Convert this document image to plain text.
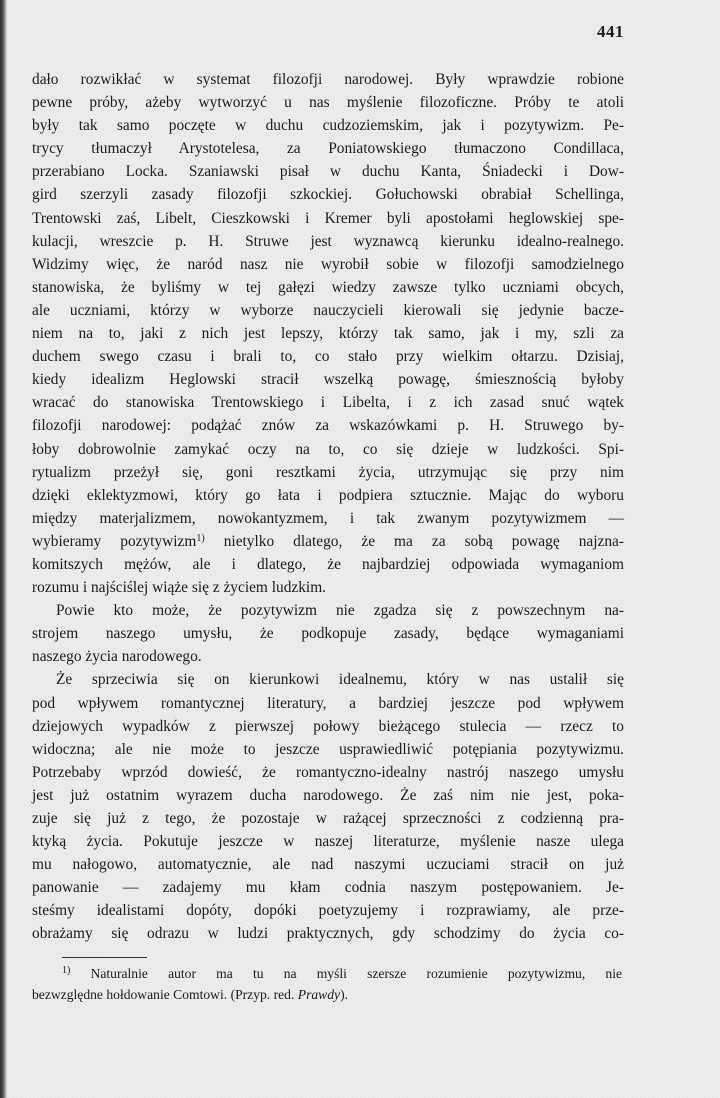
441
dało rozwikłać w systemat filozofji narodowej. Były wprawdzie robione
pewne próby, ażeby wytworzyć u nas myślenie filozoficzne. Próby te atoli
były tak samo poczęte w duchu cudzoziemskim, jak i pozytywizm. Pe-
trycy tłumaczył Arystotelesa, za Poniatowskiego tłumaczono Condillaca,
przerabiano Locka. Szaniawski pisał w duchu Kanta, Śniadecki i Dow-
gird szerzyli zasady filozofji szkockiej. Gołuchowski obrabiał Schellinga,
Trentowski zaś, Libelt, Cieszkowski i Kremer byli apostołami heglowskiej spe-
kulacji, wreszcie p. H. Struwe jest wyznawcą kierunku idealno-realnego.
Widzimy więc, że naród nasz nie wyrobił sobie w filozofji samodzielnego
stanowiska, że byliśmy w tej gałęzi wiedzy zawsze tylko uczniami obcych,
ale uczniami, którzy w wyborze nauczycieli kierowali się jedynie bacze-
niem na to, jaki z nich jest lepszy, którzy tak samo, jak i my, szli za
duchem swego czasu i brali to, co stało przy wielkim ołtarzu. Dzisiaj,
kiedy idealizm Heglowski stracił wszelką powagę, śmiesznością byłoby
wracać do stanowiska Trentowskiego i Libelta, i z ich zasad snuć wątek
filozofji narodowej: podążać znów za wskazówkami p. H. Struwego by-
łoby dobrowolnie zamykać oczy na to, co się dzieje w ludzkości. Spi-
rytualizm przeżył się, goni resztkami życia, utrzymując się przy nim
dzięki eklektyzmowi, który go łata i podpiera sztucznie. Mając do wyboru
między materjalizmem, nowokantyzmem, i tak zwanym pozytywizmem —
wybieramy pozytywizm$^{1)}$ nietylko dlatego, że ma za sobą powagę najzna-
komitszych mężów, ale i dlatego, że najbardziej odpowiada wymaganiom
rozumu i najściślej wiąże się z życiem ludzkim.
Powie kto może, że pozytywizm nie zgadza się z powszechnym na-
strojem naszego umysłu, że podkopuje zasady, będące wymaganiami
naszego życia narodowego.
Że sprzeciwia się on kierunkowi idealnemu, który w nas ustalił się
pod wpływem romantycznej literatury, a bardziej jeszcze pod wpływem
dziejowych wypadków z pierwszej połowy bieżącego stulecia — rzecz to
widoczna; ale nie może to jeszcze usprawiedliwić potępiania pozytywizmu.
Potrzebaby wprzód dowieść, że romantyczno-idealny nastrój naszego umysłu
jest już ostatnim wyrazem ducha narodowego. Że zaś nim nie jest, poka-
zuje się już z tego, że pozostaje w rażącej sprzeczności z codzienną pra-
ktyką życia. Pokutuje jeszcze w naszej literaturze, myślenie nasze ulega
mu nałogowo, automatycznie, ale nad naszymi uczuciami stracił on już
panowanie — zadajemy mu kłam codnia naszym postępowaniem. Je-
steśmy idealistami dopóty, dopóki poetyzujemy i rozprawiamy, ale prze-
obrażamy się odrazu w ludzi praktycznych, gdy schodzimy do życia co-
$^{1)}$ Naturalnie autor ma tu na myśli szersze rozumienie pozytywizmu, nie
bezwzględne hołdowanie Comtowi. (Przyp. red. Prawdy).
